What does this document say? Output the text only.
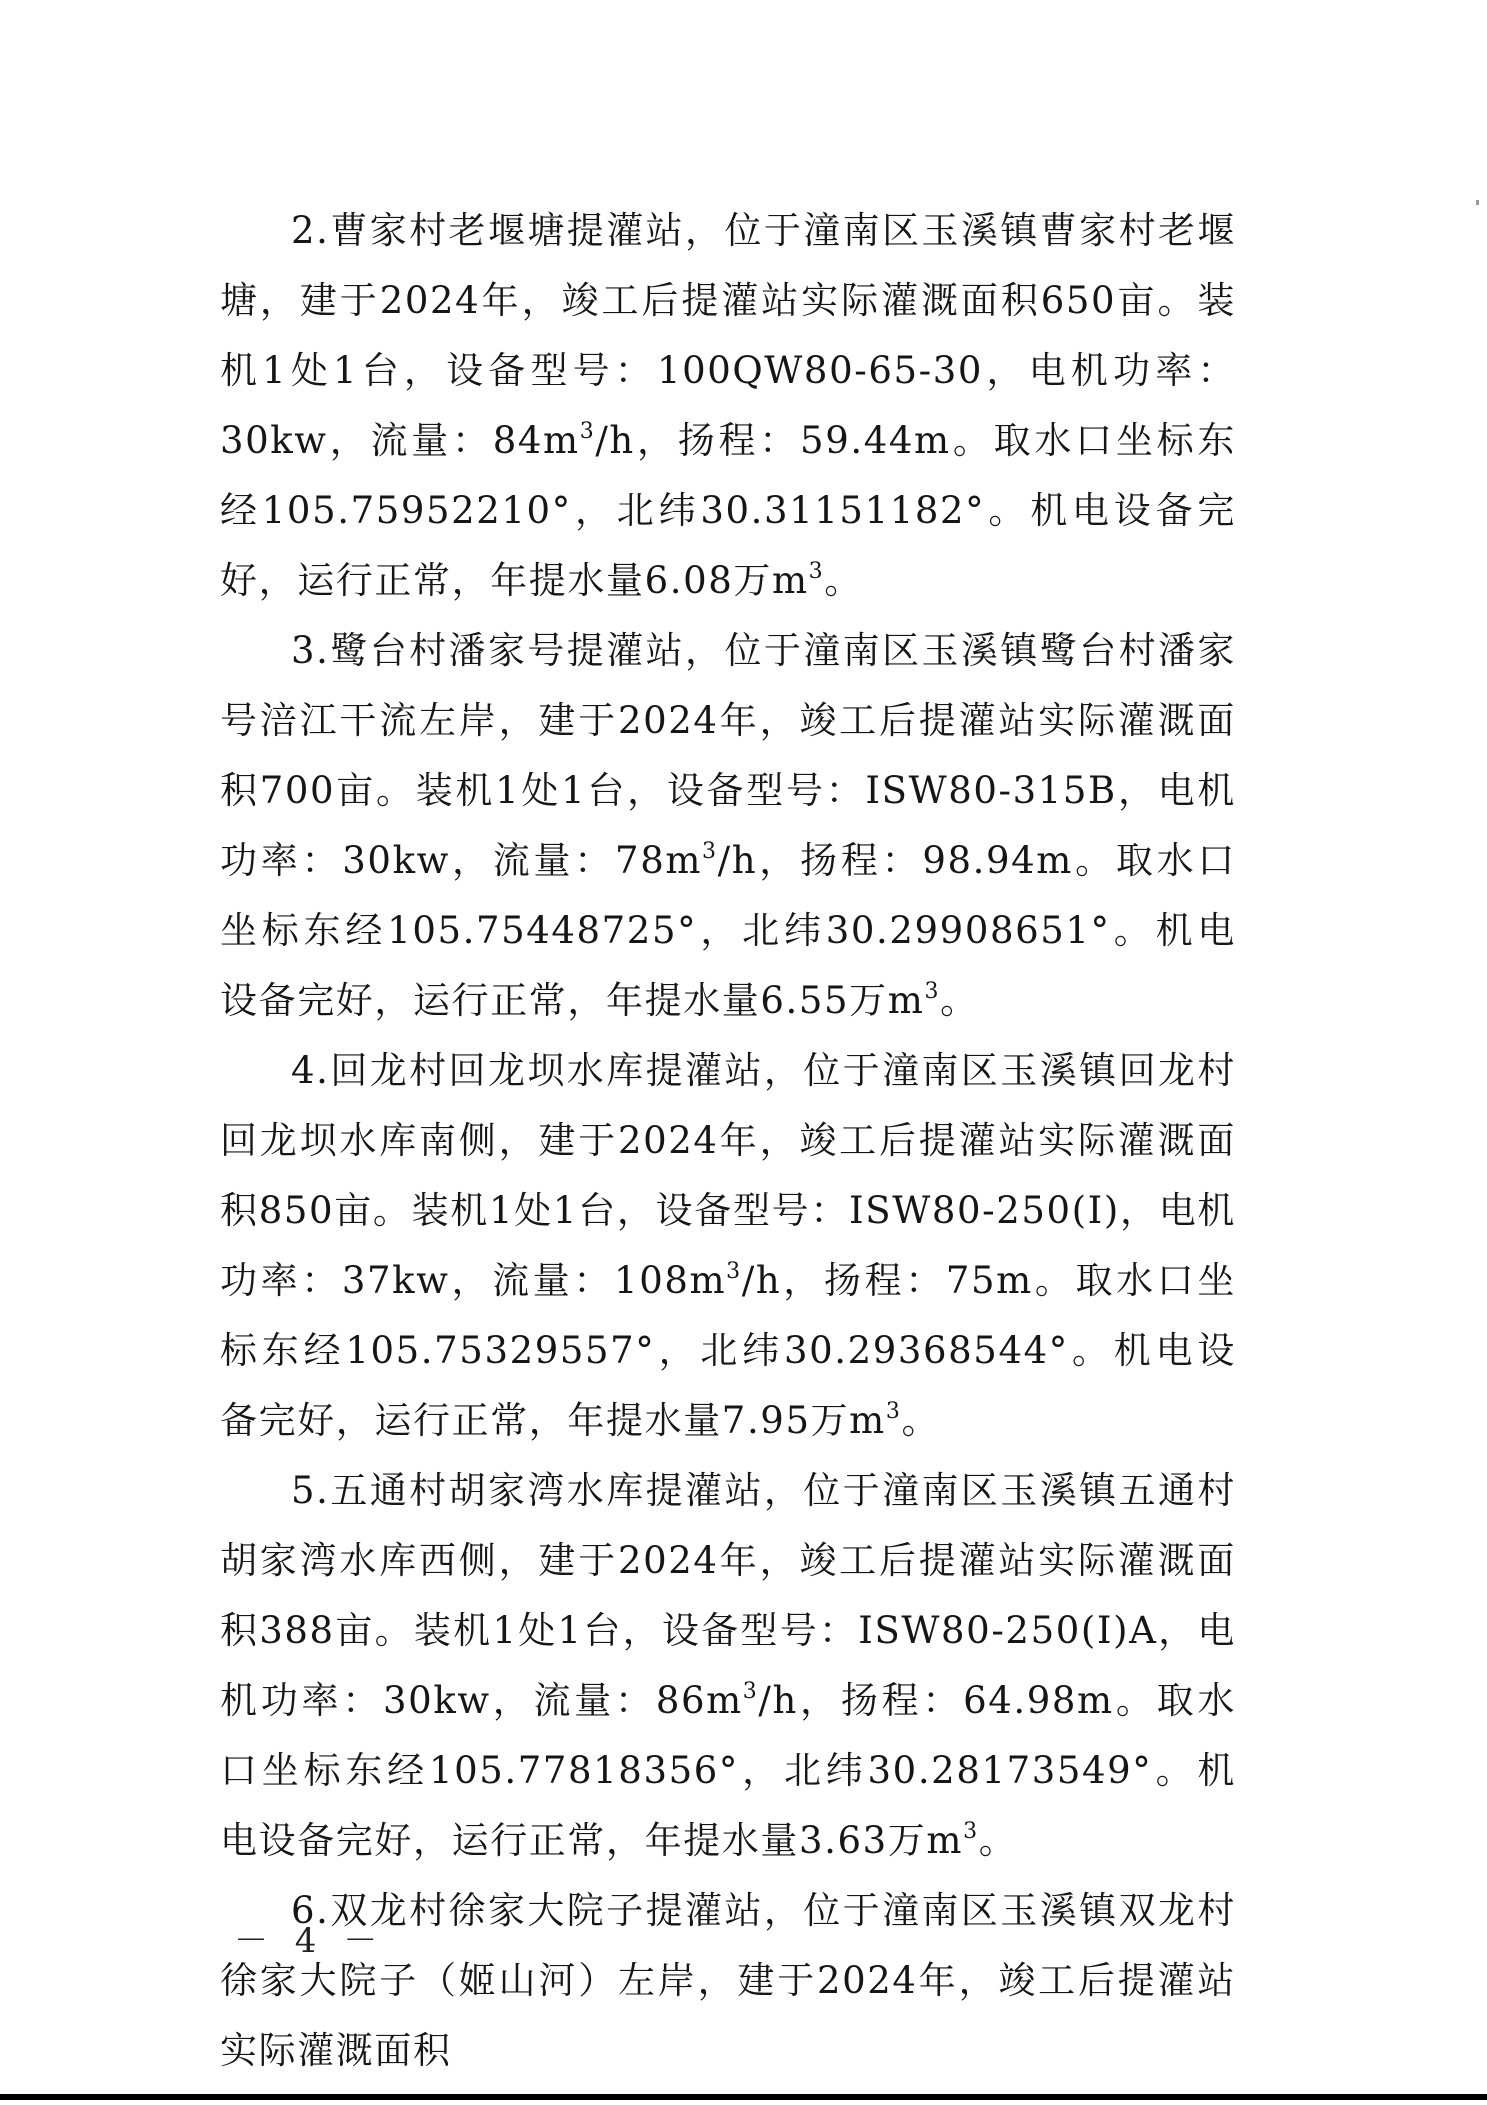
2.曹家村老堰塘提灌站，位于潼南区玉溪镇曹家村老堰塘，建于2024年，竣工后提灌站实际灌溉面积650亩。装机1处1台，设备型号：100QW80-65-30，电机功率：30kw，流量：$84m^3/h$，扬程：59.44m。取水口坐标东经105.75952210°，北纬30.31151182°。机电设备完好，运行正常，年提水量6.08万$m^3$。

3.鹭台村潘家号提灌站，位于潼南区玉溪镇鹭台村潘家号涪江干流左岸，建于2024年，竣工后提灌站实际灌溉面积700亩。装机1处1台，设备型号：ISW80-315B，电机功率：30kw，流量：$78m^3/h$，扬程：98.94m。取水口坐标东经105.75448725°，北纬30.29908651°。机电设备完好，运行正常，年提水量6.55万$m^3$。

4.回龙村回龙坝水库提灌站，位于潼南区玉溪镇回龙村回龙坝水库南侧，建于2024年，竣工后提灌站实际灌溉面积850亩。装机1处1台，设备型号：ISW80-250(I)，电机功率：37kw，流量：$108m^3/h$，扬程：75m。取水口坐标东经105.75329557°，北纬30.29368544°。机电设备完好，运行正常，年提水量7.95万$m^3$。

5.五通村胡家湾水库提灌站，位于潼南区玉溪镇五通村胡家湾水库西侧，建于2024年，竣工后提灌站实际灌溉面积388亩。装机1处1台，设备型号：ISW80-250(I)A，电机功率：30kw，流量：$86m^3/h$，扬程：64.98m。取水口坐标东经105.77818356°，北纬30.28173549°。机电设备完好，运行正常，年提水量3.63万$m^3$。

6.双龙村徐家大院子提灌站，位于潼南区玉溪镇双龙村徐家大院子（姬山河）左岸，建于2024年，竣工后提灌站实际灌溉面积

－ 4 －
